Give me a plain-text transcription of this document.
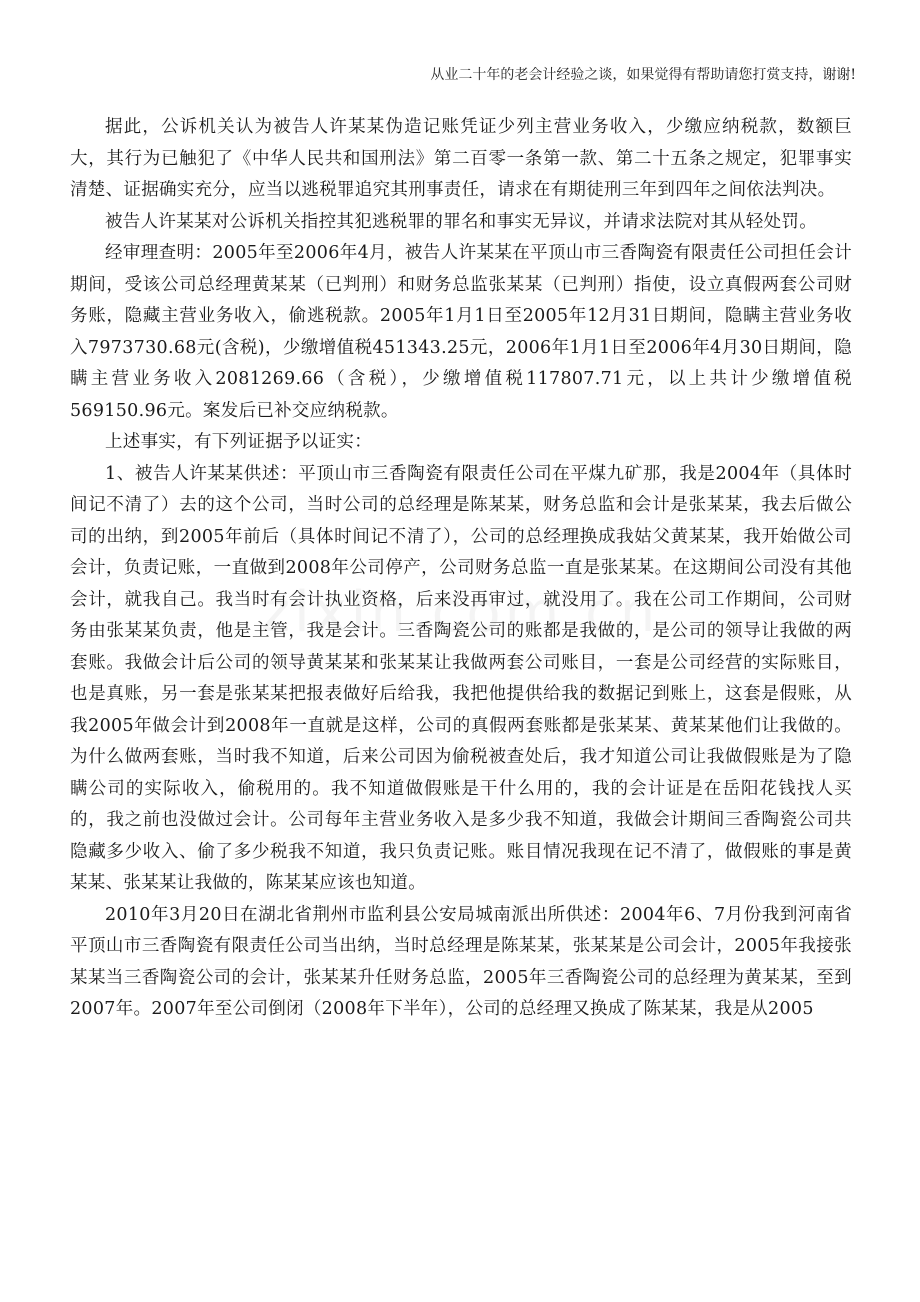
从业二十年的老会计经验之谈，如果觉得有帮助请您打赏支持，谢谢!

据此，公诉机关认为被告人许某某伪造记账凭证少列主营业务收入，少缴应纳税款，数额巨大，其行为已触犯了《中华人民共和国刑法》第二百零一条第一款、第二十五条之规定，犯罪事实清楚、证据确实充分，应当以逃税罪追究其刑事责任，请求在有期徒刑三年到四年之间依法判决。

被告人许某某对公诉机关指控其犯逃税罪的罪名和事实无异议，并请求法院对其从轻处罚。

经审理查明：2005年至2006年4月，被告人许某某在平顶山市三香陶瓷有限责任公司担任会计期间，受该公司总经理黄某某（已判刑）和财务总监张某某（已判刑）指使，设立真假两套公司财务账，隐藏主营业务收入，偷逃税款。2005年1月1日至2005年12月31日期间，隐瞒主营业务收入7973730.68元(含税)，少缴增值税451343.25元，2006年1月1日至2006年4月30日期间，隐瞒主营业务收入2081269.66（含税），少缴增值税117807.71元，以上共计少缴增值税569150.96元。案发后已补交应纳税款。

上述事实，有下列证据予以证实：

1、被告人许某某供述：平顶山市三香陶瓷有限责任公司在平煤九矿那，我是2004年（具体时间记不清了）去的这个公司，当时公司的总经理是陈某某，财务总监和会计是张某某，我去后做公司的出纳，到2005年前后（具体时间记不清了），公司的总经理换成我姑父黄某某，我开始做公司会计，负责记账，一直做到2008年公司停产，公司财务总监一直是张某某。在这期间公司没有其他会计，就我自己。我当时有会计执业资格，后来没再审过，就没用了。我在公司工作期间，公司财务由张某某负责，他是主管，我是会计。三香陶瓷公司的账都是我做的，是公司的领导让我做的两套账。我做会计后公司的领导黄某某和张某某让我做两套公司账目，一套是公司经营的实际账目，也是真账，另一套是张某某把报表做好后给我，我把他提供给我的数据记到账上，这套是假账，从我2005年做会计到2008年一直就是这样，公司的真假两套账都是张某某、黄某某他们让我做的。为什么做两套账，当时我不知道，后来公司因为偷税被查处后，我才知道公司让我做假账是为了隐瞒公司的实际收入，偷税用的。我不知道做假账是干什么用的，我的会计证是在岳阳花钱找人买的，我之前也没做过会计。公司每年主营业务收入是多少我不知道，我做会计期间三香陶瓷公司共隐藏多少收入、偷了多少税我不知道，我只负责记账。账目情况我现在记不清了，做假账的事是黄某某、张某某让我做的，陈某某应该也知道。

2010年3月20日在湖北省荆州市监利县公安局城南派出所供述：2004年6、7月份我到河南省平顶山市三香陶瓷有限责任公司当出纳，当时总经理是陈某某，张某某是公司会计，2005年我接张某某当三香陶瓷公司的会计，张某某升任财务总监，2005年三香陶瓷公司的总经理为黄某某，至到2007年。2007年至公司倒闭（2008年下半年），公司的总经理又换成了陈某某，我是从2005
